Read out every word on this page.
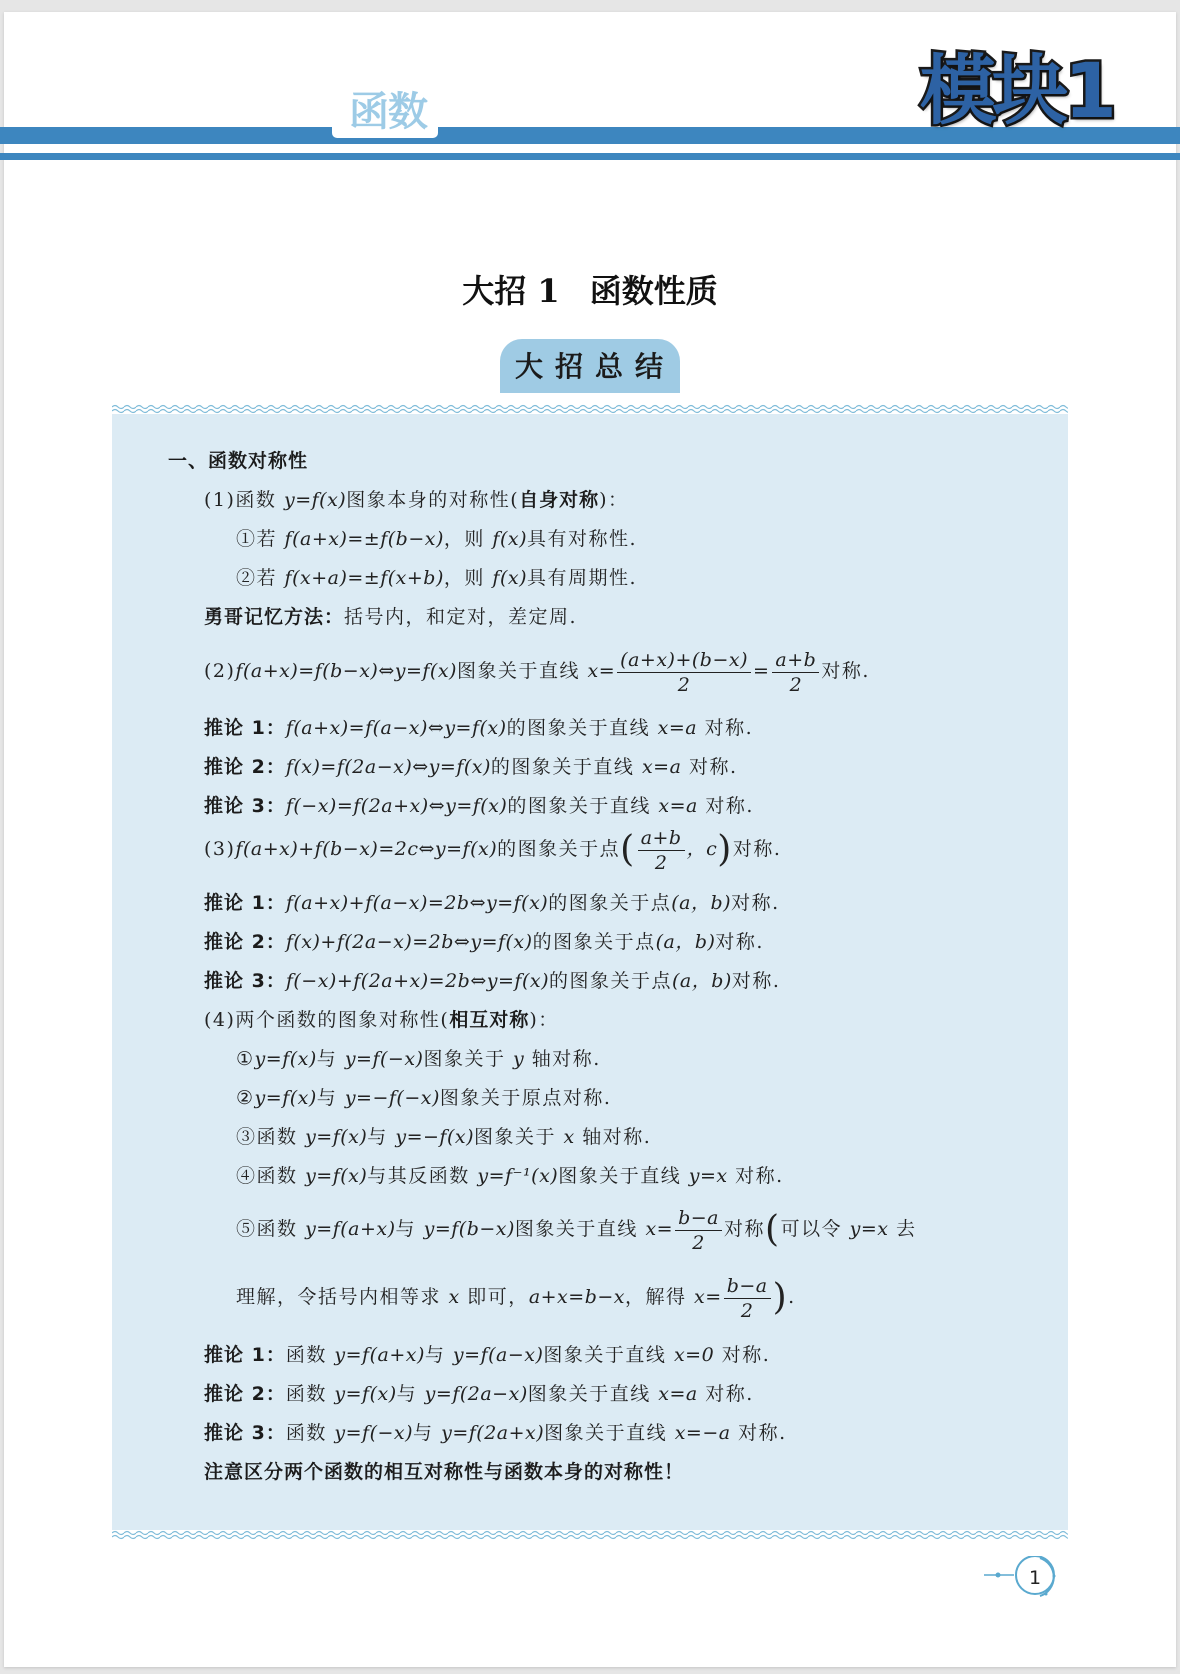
函数	模块1
大招 1 函数性质
大招总结
一、函数对称性
(1)函数 y=f(x)图象本身的对称性(自身对称)：
①若 f(a+x)=±f(b−x)，则 f(x)具有对称性.
②若 f(x+a)=±f(x+b)，则 f(x)具有周期性.
勇哥记忆方法：括号内，和定对，差定周.
(2)f(a+x)=f(b−x)⇔y=f(x)图象关于直线 $x= \frac{(a+x)+(b-x)}{2} = \frac{a+b}{2}$ 对称.
推论 1：f(a+x)=f(a−x)⇔y=f(x)的图象关于直线 x=a 对称.
推论 2：f(x)=f(2a−x)⇔y=f(x)的图象关于直线 x=a 对称.
推论 3：f(−x)=f(2a+x)⇔y=f(x)的图象关于直线 x=a 对称.
(3)f(a+x)+f(b−x)=2c⇔y=f(x)的图象关于点( $\frac{a+b}{2}$ ，c)对称.
推论 1：f(a+x)+f(a−x)=2b⇔y=f(x)的图象关于点(a，b)对称.
推论 2：f(x)+f(2a−x)=2b⇔y=f(x)的图象关于点(a，b)对称.
推论 3：f(−x)+f(2a+x)=2b⇔y=f(x)的图象关于点(a，b)对称.
(4)两个函数的图象对称性(相互对称)：
①y=f(x)与 y=f(−x)图象关于 y 轴对称.
②y=f(x)与 y=−f(−x)图象关于原点对称.
③函数 y=f(x)与 y=−f(x)图象关于 x 轴对称.
④函数 y=f(x)与其反函数 y=f⁻¹(x)图象关于直线 y=x 对称.
⑤函数 y=f(a+x)与 y=f(b−x)图象关于直线 $x= \frac{b-a}{2}$ 对称(可以令 y=x 去
理解，令括号内相等求 x 即可，a+x=b−x，解得 $x= \frac{b-a}{2}$ ).
推论 1：函数 y=f(a+x)与 y=f(a−x)图象关于直线 x=0 对称.
推论 2：函数 y=f(x)与 y=f(2a−x)图象关于直线 x=a 对称.
推论 3：函数 y=f(−x)与 y=f(2a+x)图象关于直线 x=−a 对称.
注意区分两个函数的相互对称性与函数本身的对称性！
1
